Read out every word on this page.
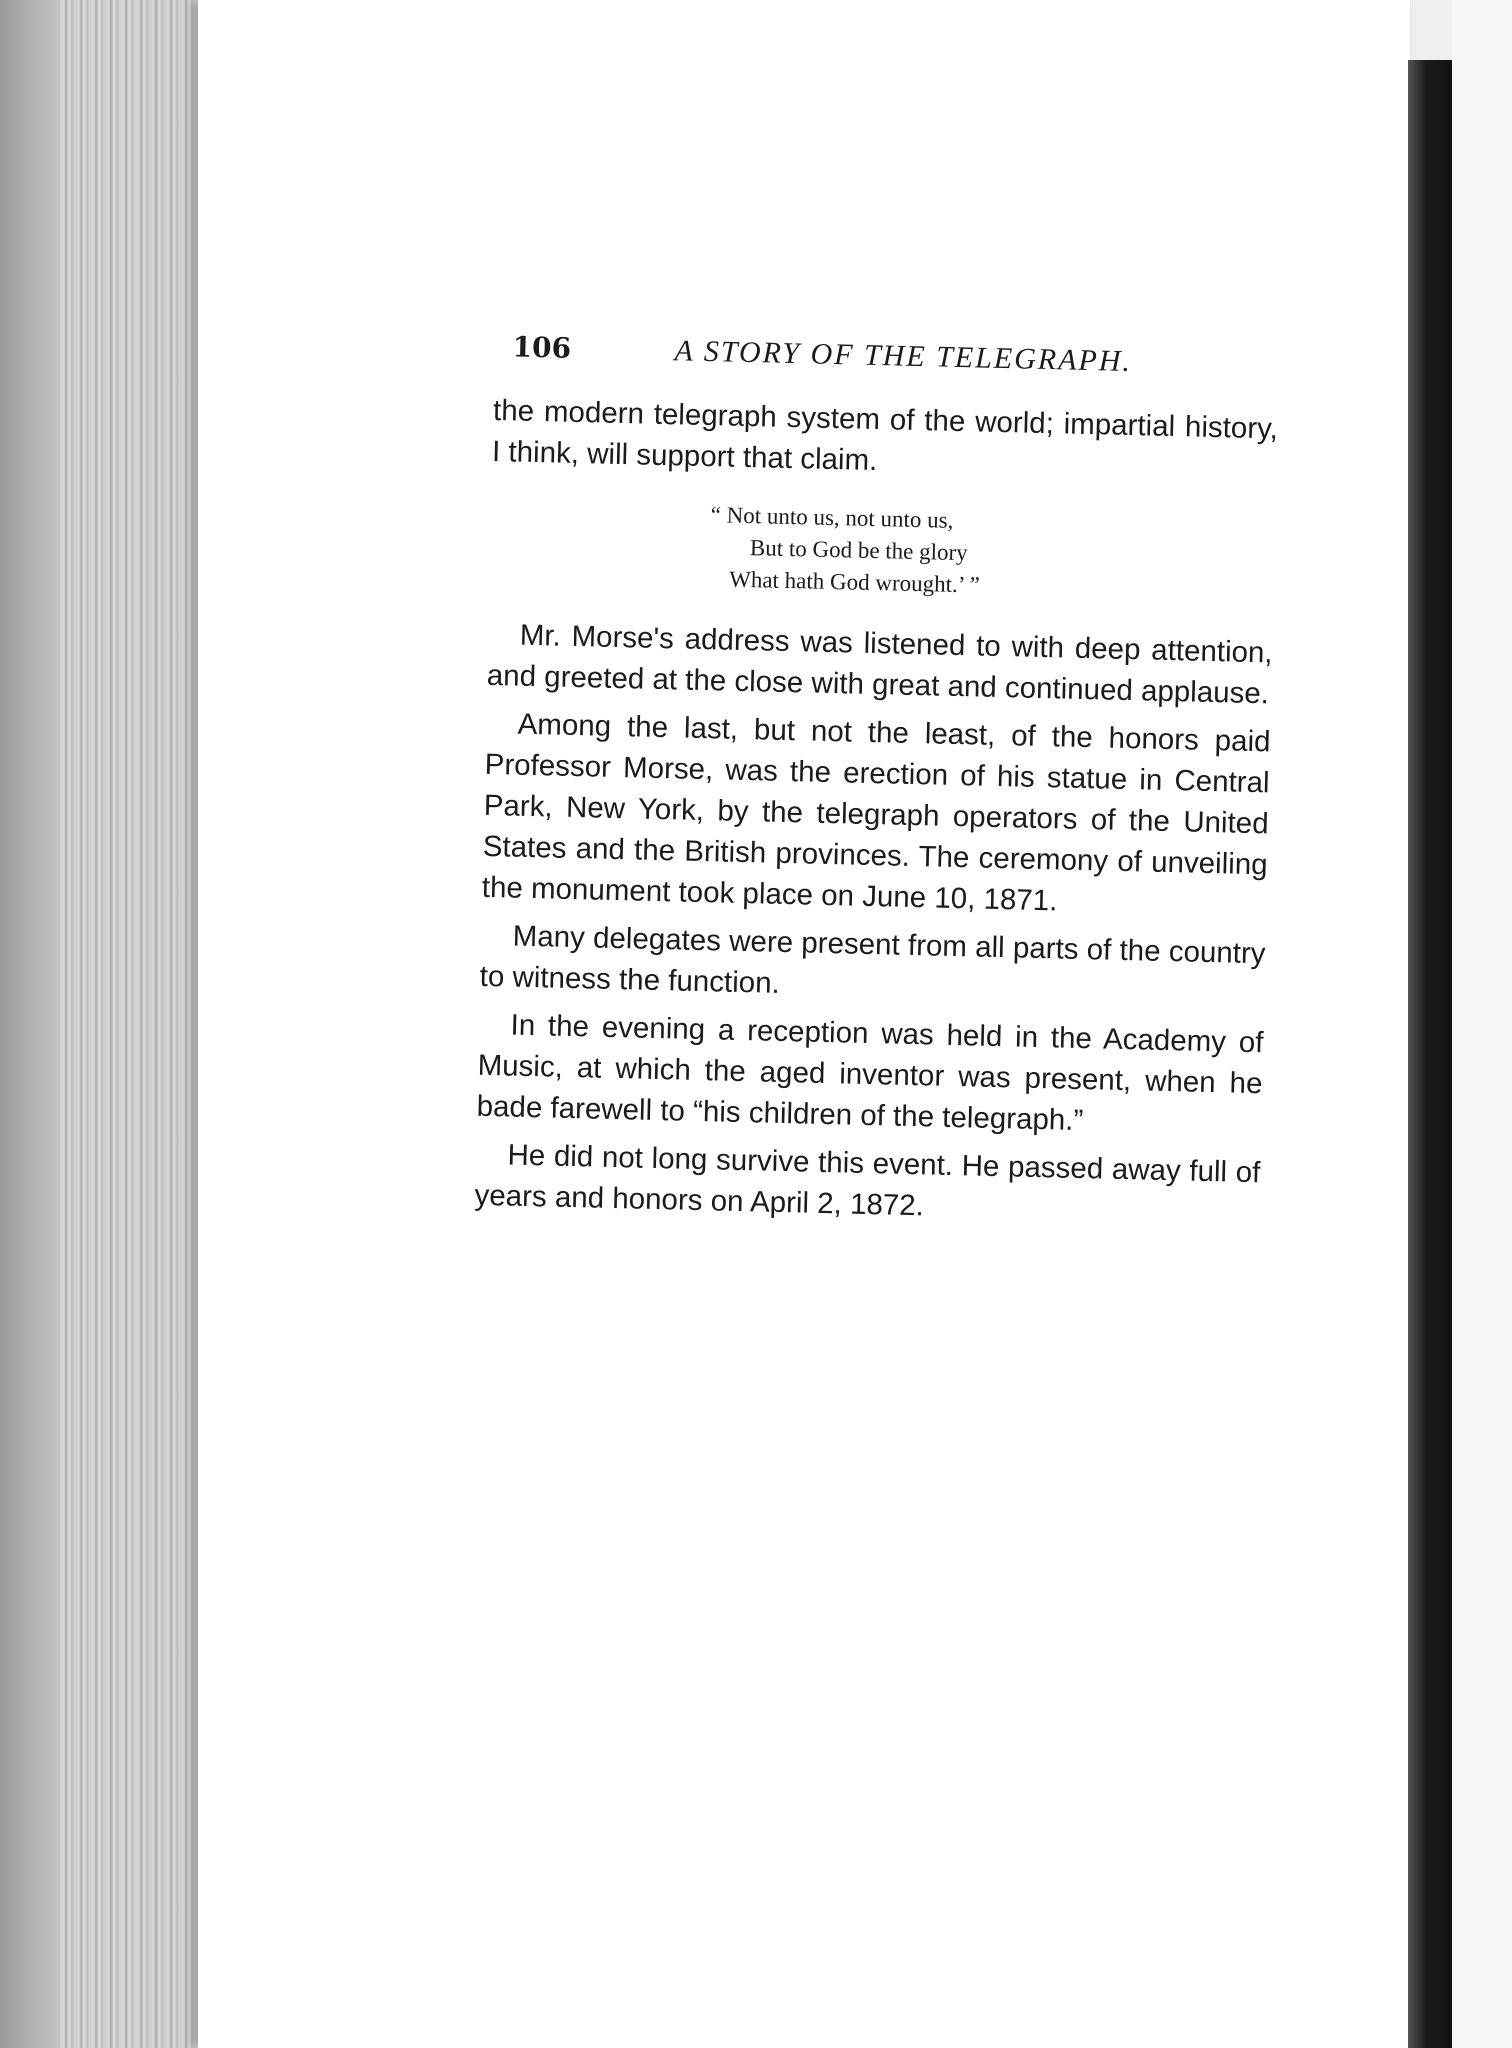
106	A STORY OF THE TELEGRAPH.

the modern telegraph system of the world; impartial history, I think, will support that claim.

“ Not unto us, not unto us,
But to God be the glory
What hath God wrought.’ ”

Mr. Morse's address was listened to with deep attention, and greeted at the close with great and continued applause.

Among the last, but not the least, of the honors paid Professor Morse, was the erection of his statue in Central Park, New York, by the telegraph operators of the United States and the British provinces. The ceremony of unveiling the monument took place on June 10, 1871.

Many delegates were present from all parts of the country to witness the function.

In the evening a reception was held in the Academy of Music, at which the aged inventor was present, when he bade farewell to “his children of the telegraph.”

He did not long survive this event. He passed away full of years and honors on April 2, 1872.
